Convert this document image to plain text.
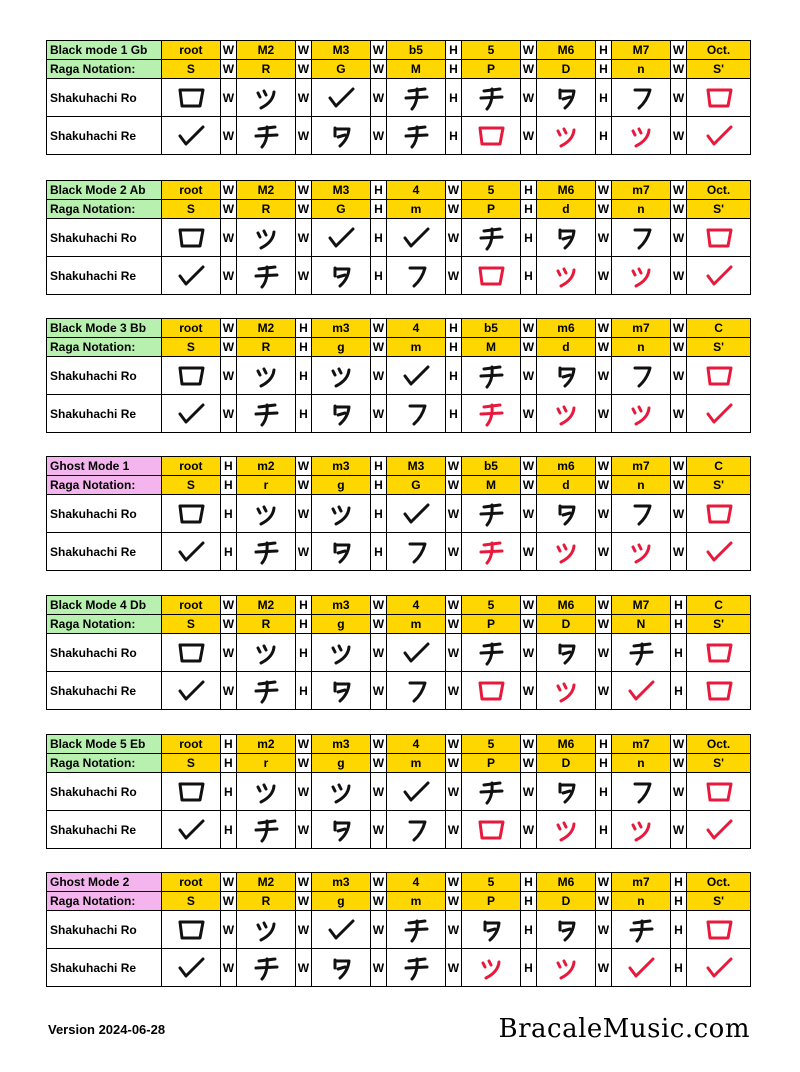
Black mode 1 Gb	root	W	M2	W	M3	W	b5	H	5	W	M6	H	M7	W	Oct.
Raga Notation:	S	W	R	W	G	W	M	H	P	W	D	H	n	W	S'
Shakuhachi Ro		W		W		W		H		W		H		W	

Shakuhachi Re		W		W		W		H		W		H		W	
Black Mode 2 Ab	root	W	M2	W	M3	H	4	W	5	H	M6	W	m7	W	Oct.
Raga Notation:	S	W	R	W	G	H	m	W	P	H	d	W	n	W	S'
Shakuhachi Ro		W		W		H		W		H		W		W	

Shakuhachi Re		W		W		H		W		H		W		W	
Black Mode 3 Bb	root	W	M2	H	m3	W	4	H	b5	W	m6	W	m7	W	C
Raga Notation:	S	W	R	H	g	W	m	H	M	W	d	W	n	W	S'
Shakuhachi Ro		W		H		W		H		W		W		W	

Shakuhachi Re		W		H		W		H		W		W		W	
Ghost Mode 1	root	H	m2	W	m3	H	M3	W	b5	W	m6	W	m7	W	C
Raga Notation:	S	H	r	W	g	H	G	W	M	W	d	W	n	W	S'
Shakuhachi Ro		H		W		H		W		W		W		W	

Shakuhachi Re		H		W		H		W		W		W		W	
Black Mode 4 Db	root	W	M2	H	m3	W	4	W	5	W	M6	W	M7	H	C
Raga Notation:	S	W	R	H	g	W	m	W	P	W	D	W	N	H	S'
Shakuhachi Ro		W		H		W		W		W		W		H	

Shakuhachi Re		W		H		W		W		W		W		H	
Black Mode 5 Eb	root	H	m2	W	m3	W	4	W	5	W	M6	H	m7	W	Oct.
Raga Notation:	S	H	r	W	g	W	m	W	P	W	D	H	n	W	S'
Shakuhachi Ro		H		W		W		W		W		H		W	

Shakuhachi Re		H		W		W		W		W		H		W	
Ghost Mode 2	root	W	M2	W	m3	W	4	W	5	H	M6	W	m7	H	Oct.
Raga Notation:	S	W	R	W	g	W	m	W	P	H	D	W	n	H	S'
Shakuhachi Ro		W		W		W		W		H		W		H	

Shakuhachi Re		W		W		W		W		H		W		H	
Version 2024-06-28	BracaleMusic.com
